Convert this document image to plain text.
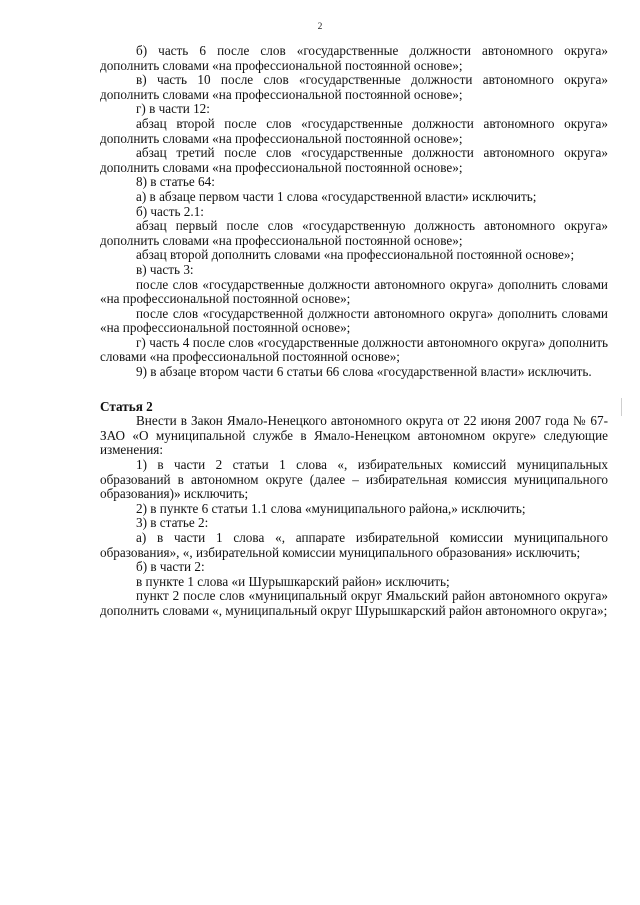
2

б) часть 6 после слов «государственные должности автономного округа» дополнить словами «на профессиональной постоянной основе»;

в) часть 10 после слов «государственные должности автономного округа» дополнить словами «на профессиональной постоянной основе»;

г) в части 12:

абзац второй после слов «государственные должности автономного округа» дополнить словами «на профессиональной постоянной основе»;

абзац третий после слов «государственные должности автономного округа» дополнить словами «на профессиональной постоянной основе»;

8) в статье 64:

а) в абзаце первом части 1 слова «государственной власти» исключить;

б) часть 2.1:

абзац первый после слов «государственную должность автономного округа» дополнить словами «на профессиональной постоянной основе»;

абзац второй дополнить словами «на профессиональной постоянной основе»;

в) часть 3:

после слов «государственные должности автономного округа» дополнить словами «на профессиональной постоянной основе»;

после слов «государственной должности автономного округа» дополнить словами «на профессиональной постоянной основе»;

г) часть 4 после слов «государственные должности автономного округа» дополнить словами «на профессиональной постоянной основе»;

9) в абзаце втором части 6 статьи 66 слова «государственной власти» исключить.

Статья 2

Внести в Закон Ямало-Ненецкого автономного округа от 22 июня 2007 года № 67-ЗАО «О муниципальной службе в Ямало-Ненецком автономном округе» следующие изменения:

1) в части 2 статьи 1 слова «, избирательных комиссий муниципальных образований в автономном округе (далее – избирательная комиссия муниципального образования)» исключить;

2) в пункте 6 статьи 1.1 слова «муниципального района,» исключить;

3) в статье 2:

а) в части 1 слова «, аппарате избирательной комиссии муниципального образования», «, избирательной комиссии муниципального образования» исключить;

б) в части 2:

в пункте 1 слова «и Шурышкарский район» исключить;

пункт 2 после слов «муниципальный округ Ямальский район автономного округа» дополнить словами «, муниципальный округ Шурышкарский район автономного округа»;
